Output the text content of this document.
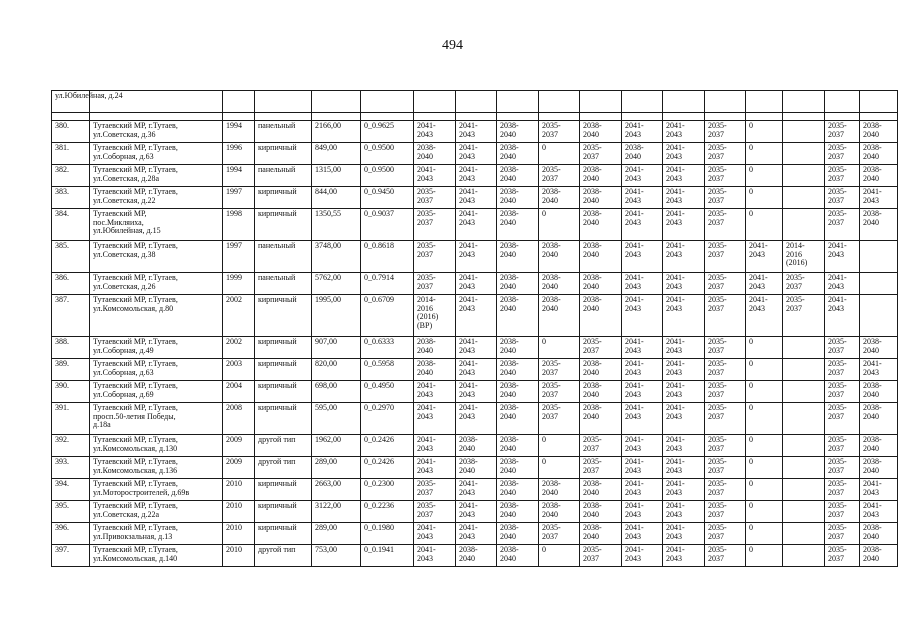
494
ул.Юбилейная, д.24																	

380.	Тутаевский МР, г.Тутаев,
ул.Советская, д.36	1994	панельный	2166,00	0_0.9625	2041-
2043	2041-
2043	2038-
2040	2035-
2037	2038-
2040	2041-
2043	2041-
2043	2035-
2037	0		2035-
2037	2038-
2040

381.	Тутаевский МР, г.Тутаев,
ул.Соборная, д.63	1996	кирпичный	849,00	0_0.9500	2038-
2040	2041-
2043	2038-
2040	0	2035-
2037	2038-
2040	2041-
2043	2035-
2037	0		2035-
2037	2038-
2040

382.	Тутаевский МР, г.Тутаев,
ул.Советская, д.28а	1994	панельный	1315,00	0_0.9500	2041-
2043	2041-
2043	2038-
2040	2035-
2037	2038-
2040	2041-
2043	2041-
2043	2035-
2037	0		2035-
2037	2038-
2040

383.	Тутаевский МР, г.Тутаев,
ул.Советская, д.22	1997	кирпичный	844,00	0_0.9450	2035-
2037	2041-
2043	2038-
2040	2038-
2040	2038-
2040	2041-
2043	2041-
2043	2035-
2037	0		2035-
2037	2041-
2043

384.	Тутаевский МР,
пос.Микляиха,
ул.Юбилейная, д.15	1998	кирпичный	1350,55	0_0.9037	2035-
2037	2041-
2043	2038-
2040	0	2038-
2040	2041-
2043	2041-
2043	2035-
2037	0		2035-
2037	2038-
2040

385.	Тутаевский МР, г.Тутаев,
ул.Советская, д.38	1997	панельный	3748,00	0_0.8618	2035-
2037	2041-
2043	2038-
2040	2038-
2040	2038-
2040	2041-
2043	2041-
2043	2035-
2037	2041-
2043	2014-
2016
(2016)	2041-
2043	

386.	Тутаевский МР, г.Тутаев,
ул.Советская, д.26	1999	панельный	5762,00	0_0.7914	2035-
2037	2041-
2043	2038-
2040	2038-
2040	2038-
2040	2041-
2043	2041-
2043	2035-
2037	2041-
2043	2035-
2037	2041-
2043	

387.	Тутаевский МР, г.Тутаев,
ул.Комсомольская, д.80	2002	кирпичный	1995,00	0_0.6709	2014-
2016
(2016)
(ВР)	2041-
2043	2038-
2040	2038-
2040	2038-
2040	2041-
2043	2041-
2043	2035-
2037	2041-
2043	2035-
2037	2041-
2043	

388.	Тутаевский МР, г.Тутаев,
ул.Соборная, д.49	2002	кирпичный	907,00	0_0.6333	2038-
2040	2041-
2043	2038-
2040	0	2035-
2037	2041-
2043	2041-
2043	2035-
2037	0		2035-
2037	2038-
2040

389.	Тутаевский МР, г.Тутаев,
ул.Соборная, д.63	2003	кирпичный	820,00	0_0.5958	2038-
2040	2041-
2043	2038-
2040	2035-
2037	2038-
2040	2041-
2043	2041-
2043	2035-
2037	0		2035-
2037	2041-
2043

390.	Тутаевский МР, г.Тутаев,
ул.Соборная, д.69	2004	кирпичный	698,00	0_0.4950	2041-
2043	2041-
2043	2038-
2040	2035-
2037	2038-
2040	2041-
2043	2041-
2043	2035-
2037	0		2035-
2037	2038-
2040

391.	Тутаевский МР, г.Тутаев,
просп.50-летия Победы,
д.18а	2008	кирпичный	595,00	0_0.2970	2041-
2043	2041-
2043	2038-
2040	2035-
2037	2038-
2040	2041-
2043	2041-
2043	2035-
2037	0		2035-
2037	2038-
2040

392.	Тутаевский МР, г.Тутаев,
ул.Комсомольская, д.130	2009	другой тип	1962,00	0_0.2426	2041-
2043	2038-
2040	2038-
2040	0	2035-
2037	2041-
2043	2041-
2043	2035-
2037	0		2035-
2037	2038-
2040

393.	Тутаевский МР, г.Тутаев,
ул.Комсомольская, д.136	2009	другой тип	289,00	0_0.2426	2041-
2043	2038-
2040	2038-
2040	0	2035-
2037	2041-
2043	2041-
2043	2035-
2037	0		2035-
2037	2038-
2040

394.	Тутаевский МР, г.Тутаев,
ул.Моторостроителей, д.69в	2010	кирпичный	2663,00	0_0.2300	2035-
2037	2041-
2043	2038-
2040	2038-
2040	2038-
2040	2041-
2043	2041-
2043	2035-
2037	0		2035-
2037	2041-
2043

395.	Тутаевский МР, г.Тутаев,
ул.Советская, д.22а	2010	кирпичный	3122,00	0_0.2236	2035-
2037	2041-
2043	2038-
2040	2038-
2040	2038-
2040	2041-
2043	2041-
2043	2035-
2037	0		2035-
2037	2041-
2043

396.	Тутаевский МР, г.Тутаев,
ул.Привокзальная, д.13	2010	кирпичный	289,00	0_0.1980	2041-
2043	2041-
2043	2038-
2040	2035-
2037	2038-
2040	2041-
2043	2041-
2043	2035-
2037	0		2035-
2037	2038-
2040

397.	Тутаевский МР, г.Тутаев,
ул.Комсомольская, д.140	2010	другой тип	753,00	0_0.1941	2041-
2043	2038-
2040	2038-
2040	0	2035-
2037	2041-
2043	2041-
2043	2035-
2037	0		2035-
2037	2038-
2040
